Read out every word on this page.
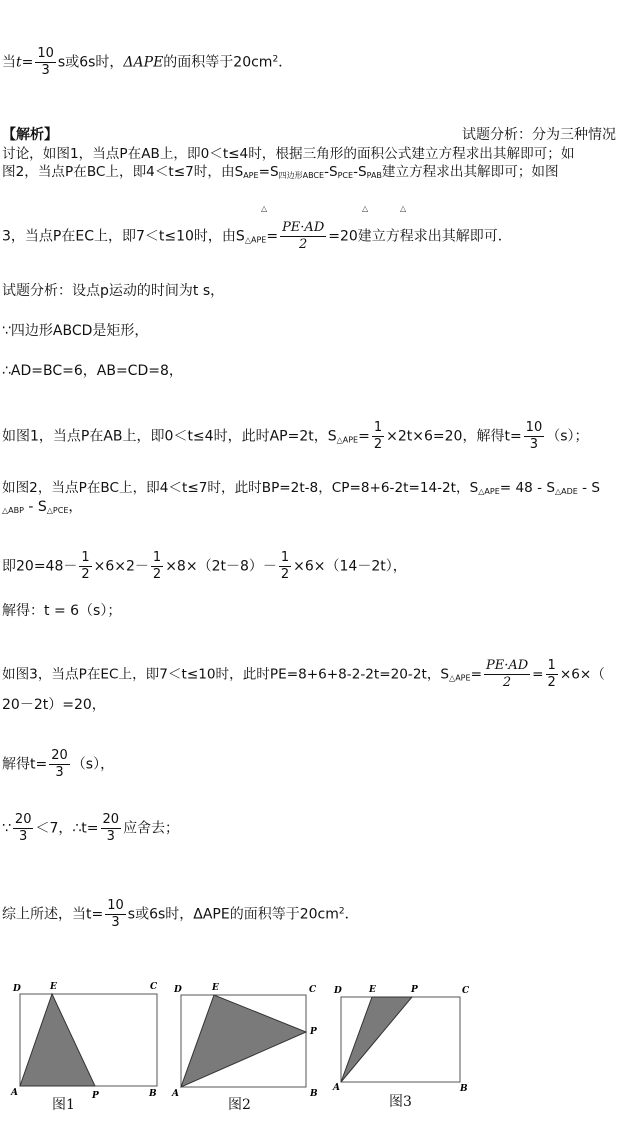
当$t= \frac{10}{3}$ s或6s时，ΔAPE的面积等于$20cm^2$．
【解析】	试题分析：分为三种情况
讨论，如图1，当点P在AB上，即0＜t≤4时，根据三角形的面积公式建立方程求出其解即可；如
图2，当点P在BC上，即4＜t≤7时，由$S_{APE}=S_{四边形ABCE}-S_{PCE}-S_{PAB}$建立方程求出其解即可；如图
△	△	△
3，当点P在EC上，即7＜t≤10时，由$S_{\triangle APE}= \frac{PE\cdot AD}{2} =20$建立方程求出其解即可．
试题分析：设点p运动的时间为t s，
∵四边形ABCD是矩形，
∴AD=BC=6，AB=CD=8，
如图1，当点P在AB上，即0＜t≤4时，此时AP=2t，$S_{\triangle APE}= \frac{1}{2} \times 2t\times 6=20$，解得$t= \frac{10}{3} (s)$；
如图2，当点P在BC上，即4＜t≤7时，此时BP=2t-8，CP=8+6-2t=14-2t，$S_{\triangle APE}= 48 - S_{\triangle ADE} - S$
$_{\triangle ABP} - S_{\triangle PCE}$，
即$20=48- \frac{1}{2} \times 6\times 2- \frac{1}{2} \times 8\times(2t-8)- \frac{1}{2} \times 6\times(14-2t)$，
解得：t = 6（s）；
如图3，当点P在EC上，即7＜t≤10时，此时PE=8+6+8-2-2t=20-2t，$S_{\triangle APE}= \frac{PE\cdot AD}{2} = \frac{1}{2} \times 6\times$（
20－2t）=20，
解得$t= \frac{20}{3} (s)$，
∵ $\frac{20}{3} <7$，∴t= $\frac{20}{3}$ 应舍去；
综上所述，当$t= \frac{10}{3}$ s或6s时，ΔAPE的面积等于$20cm^2$．
D	E	C
A	P	B
D	E	C
P
A	B
D	E	P	C
A	B
图1	图2	图3
